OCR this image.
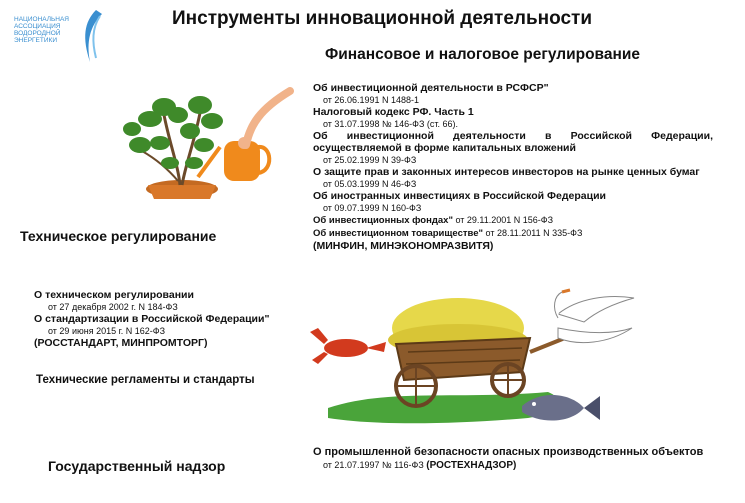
НАЦИОНАЛЬНАЯ
АССОЦИАЦИЯ
ВОДОРОДНОЙ
ЭНЕРГЕТИКИ
Инструменты инновационной деятельности
Финансовое и налоговое регулирование
Об инвестиционной деятельности в РСФСР"
от 26.06.1991 N 1488-1
Налоговый кодекс РФ. Часть 1
от 31.07.1998 № 146-ФЗ (ст. 66).
Об инвестиционной деятельности в Российской Федерации, осуществляемой в форме капитальных вложений
от 25.02.1999 N 39-ФЗ
О защите прав и законных интересов инвесторов на рынке ценных бумаг
от 05.03.1999 N 46-ФЗ
Об иностранных инвестициях в Российской Федерации
от 09.07.1999 N 160-ФЗ
Об инвестиционных фондах" от 29.11.2001 N 156-ФЗ
Об инвестиционном товариществе" от 28.11.2011 N 335-ФЗ
(МИНФИН, МИНЭКОНОМРАЗВИТЯ)
Техническое регулирование
О техническом регулировании
от 27 декабря 2002 г. N 184-ФЗ
О стандартизации в Российской Федерации"
от 29 июня 2015 г. N 162-ФЗ
(РОССТАНДАРТ, МИНПРОМТОРГ)
Технические регламенты и стандарты
Государственный надзор
О промышленной безопасности опасных производственных объектов
от 21.07.1997 № 116-ФЗ (РОСТЕХНАДЗОР)
